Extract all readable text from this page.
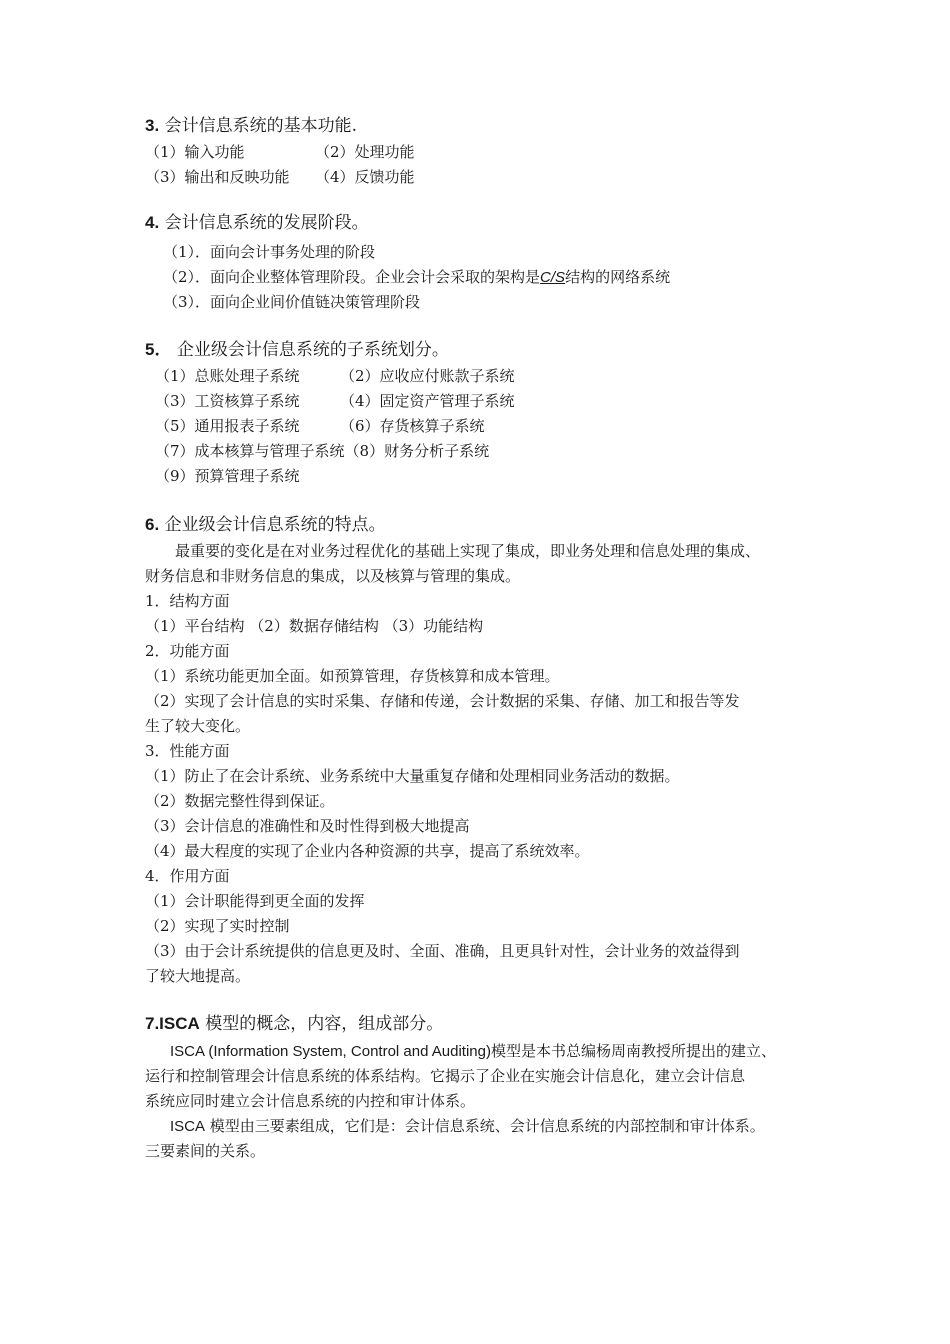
3. 会计信息系统的基本功能.
（1）输入功能	（2）处理功能
（3）输出和反映功能 （4）反馈功能
4. 会计信息系统的发展阶段。
（1）．面向会计事务处理的阶段
（2）．面向企业整体管理阶段。企业会计会采取的架构是C/S结构的网络系统
（3）．面向企业间价值链决策管理阶段
5． 企业级会计信息系统的子系统划分。
（1）总账处理子系统	（2）应收应付账款子系统
（3）工资核算子系统	（4）固定资产管理子系统
（5）通用报表子系统	（6）存货核算子系统
（7）成本核算与管理子系统（8）财务分析子系统
（9）预算管理子系统
6. 企业级会计信息系统的特点。
最重要的变化是在对业务过程优化的基础上实现了集成，即业务处理和信息处理的集成、
财务信息和非财务信息的集成，以及核算与管理的集成。
1．结构方面
（1）平台结构 （2）数据存储结构 （3）功能结构
2．功能方面
（1）系统功能更加全面。如预算管理，存货核算和成本管理。
（2）实现了会计信息的实时采集、存储和传递，会计数据的采集、存储、加工和报告等发
生了较大变化。
3．性能方面
（1）防止了在会计系统、业务系统中大量重复存储和处理相同业务活动的数据。
（2）数据完整性得到保证。
（3）会计信息的准确性和及时性得到极大地提高
（4）最大程度的实现了企业内各种资源的共享，提高了系统效率。
4．作用方面
（1）会计职能得到更全面的发挥
（2）实现了实时控制
（3）由于会计系统提供的信息更及时、全面、准确，且更具针对性，会计业务的效益得到
了较大地提高。
7.ISCA 模型的概念，内容，组成部分。
ISCA (Information System, Control and Auditing)模型是本书总编杨周南教授所提出的建立、
运行和控制管理会计信息系统的体系结构。它揭示了企业在实施会计信息化，建立会计信息
系统应同时建立会计信息系统的内控和审计体系。
ISCA 模型由三要素组成，它们是：会计信息系统、会计信息系统的内部控制和审计体系。
三要素间的关系。
